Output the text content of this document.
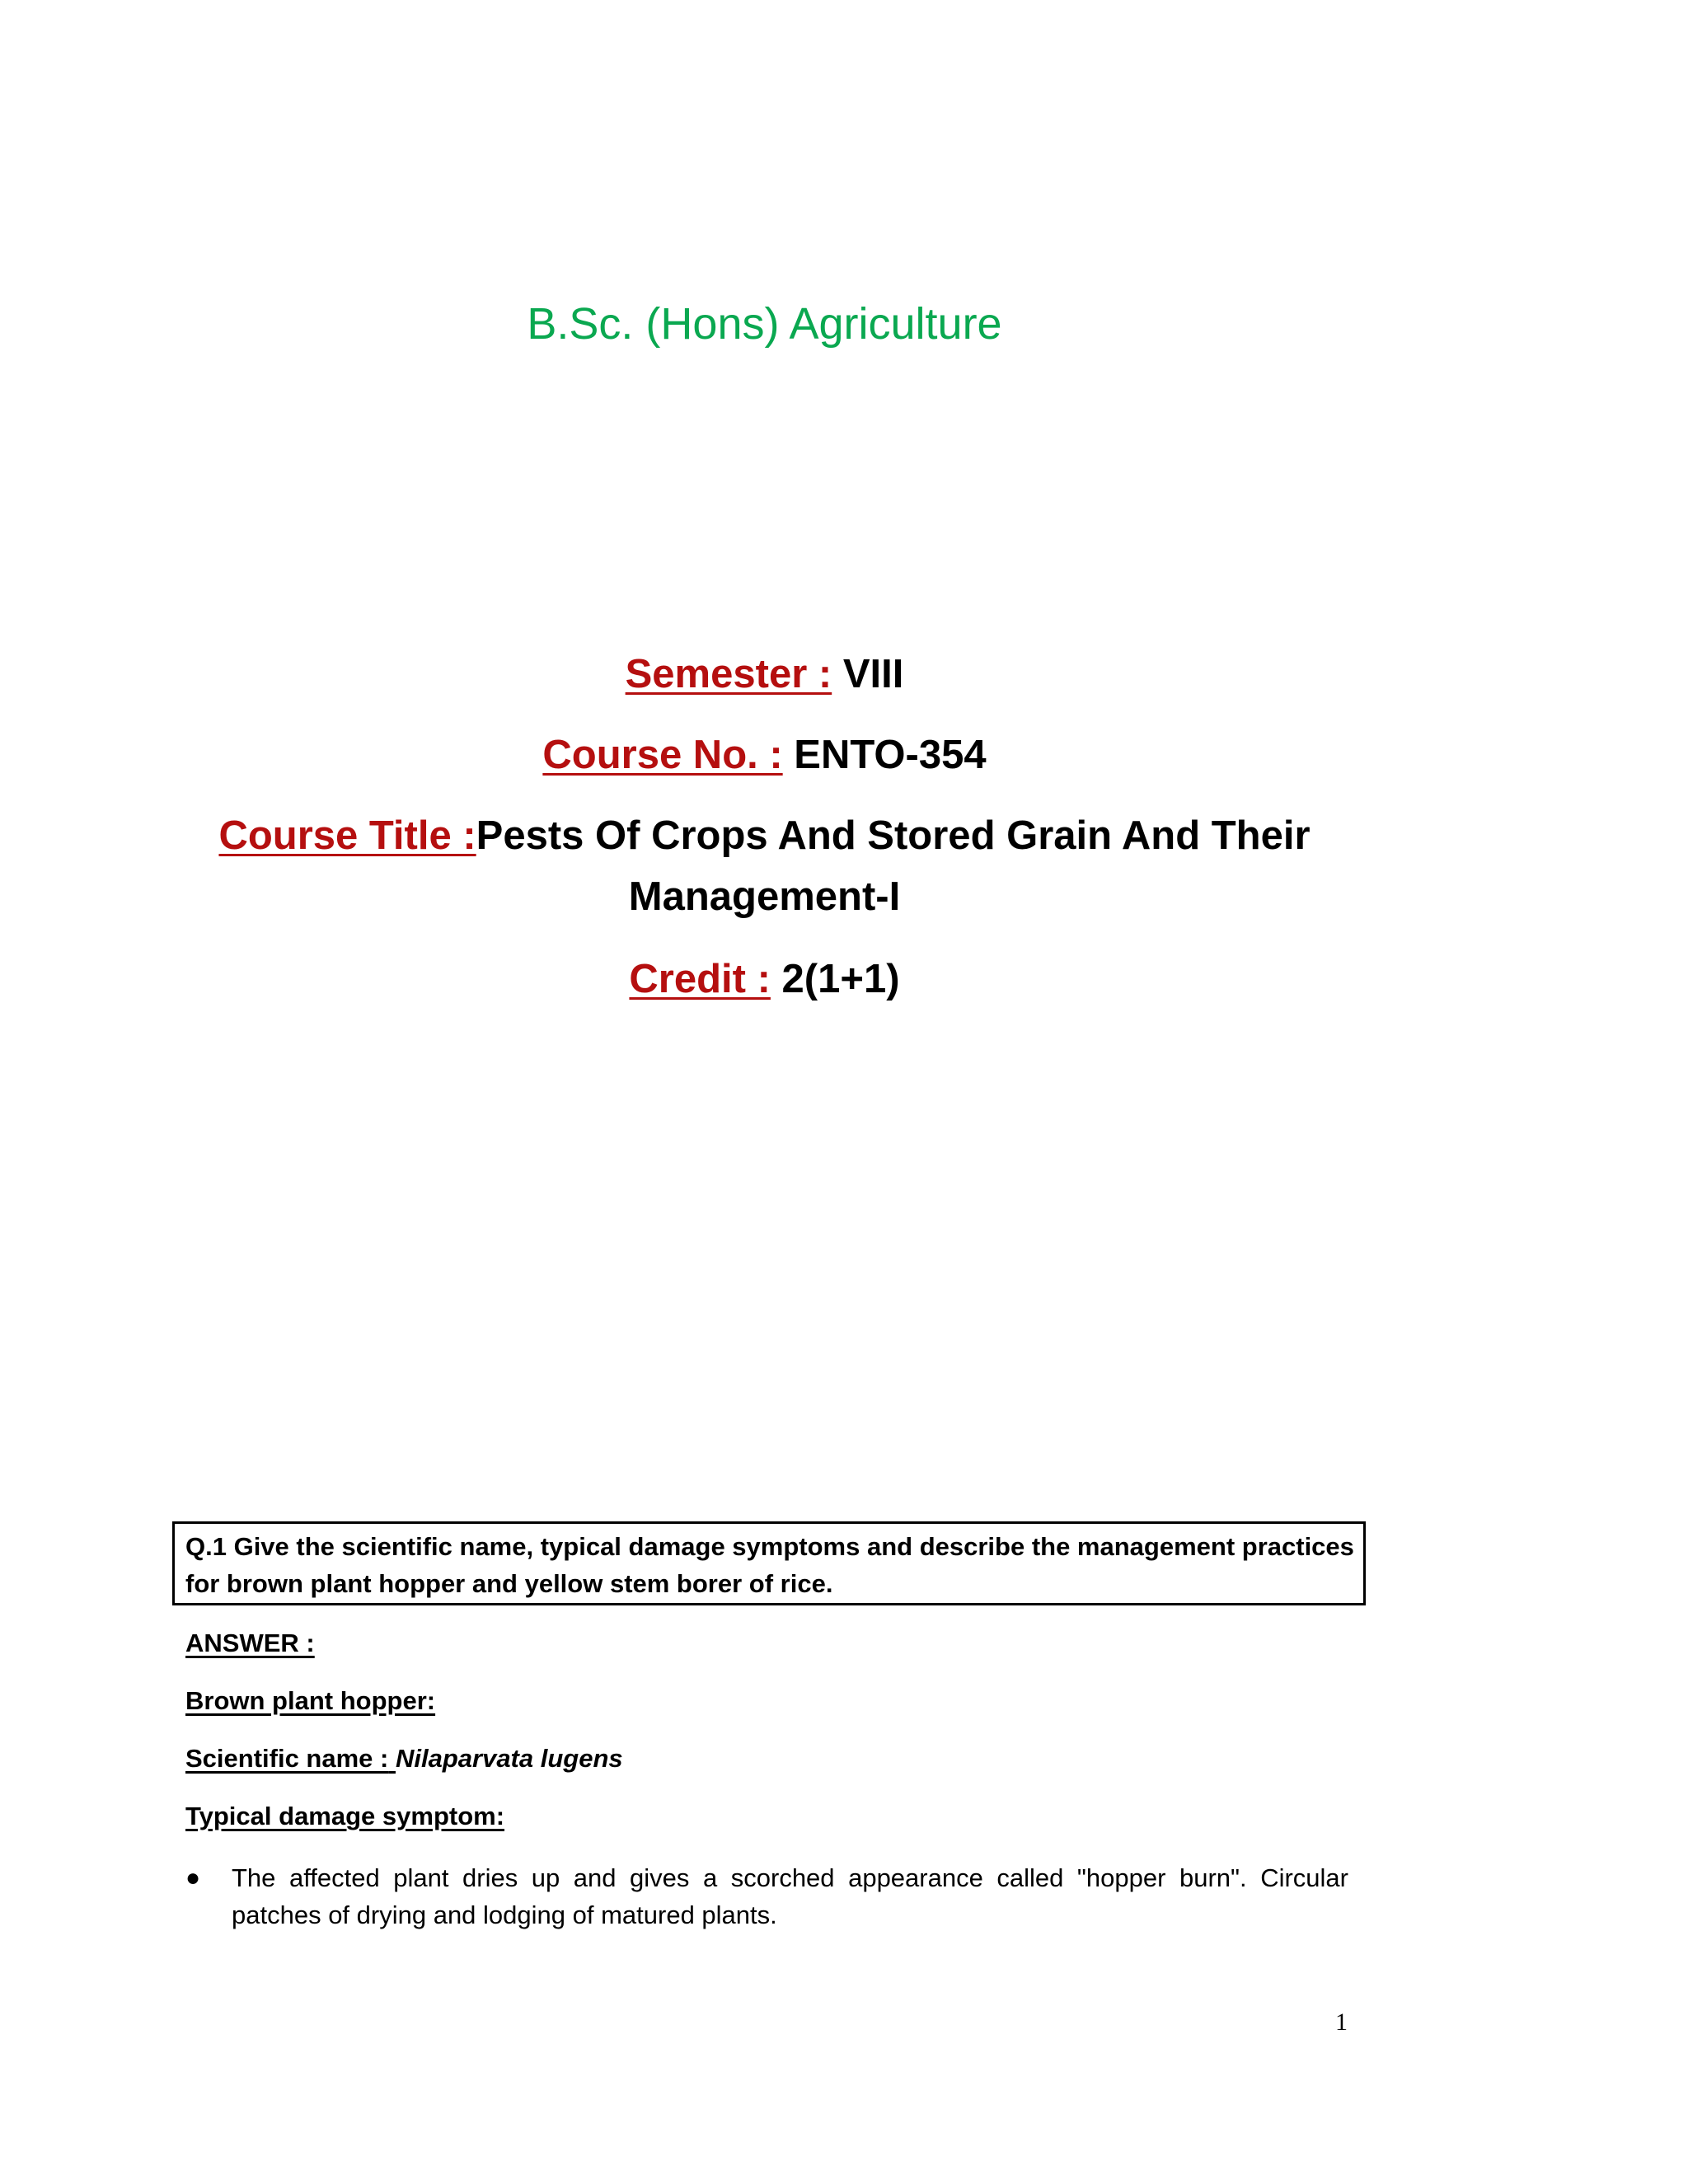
B.Sc. (Hons) Agriculture
Semester : VIII
Course No. : ENTO-354
Course Title :Pests Of Crops And Stored Grain And Their
Management-I
Credit : 2(1+1)
Q.1 Give the scientific name, typical damage symptoms and describe the management practices for brown plant hopper and yellow stem borer of rice.
ANSWER :
Brown plant hopper:
Scientific name : Nilaparvata lugens
Typical damage symptom:
● The affected plant dries up and gives a scorched appearance called "hopper burn". Circular patches of drying and lodging of matured plants.
1
